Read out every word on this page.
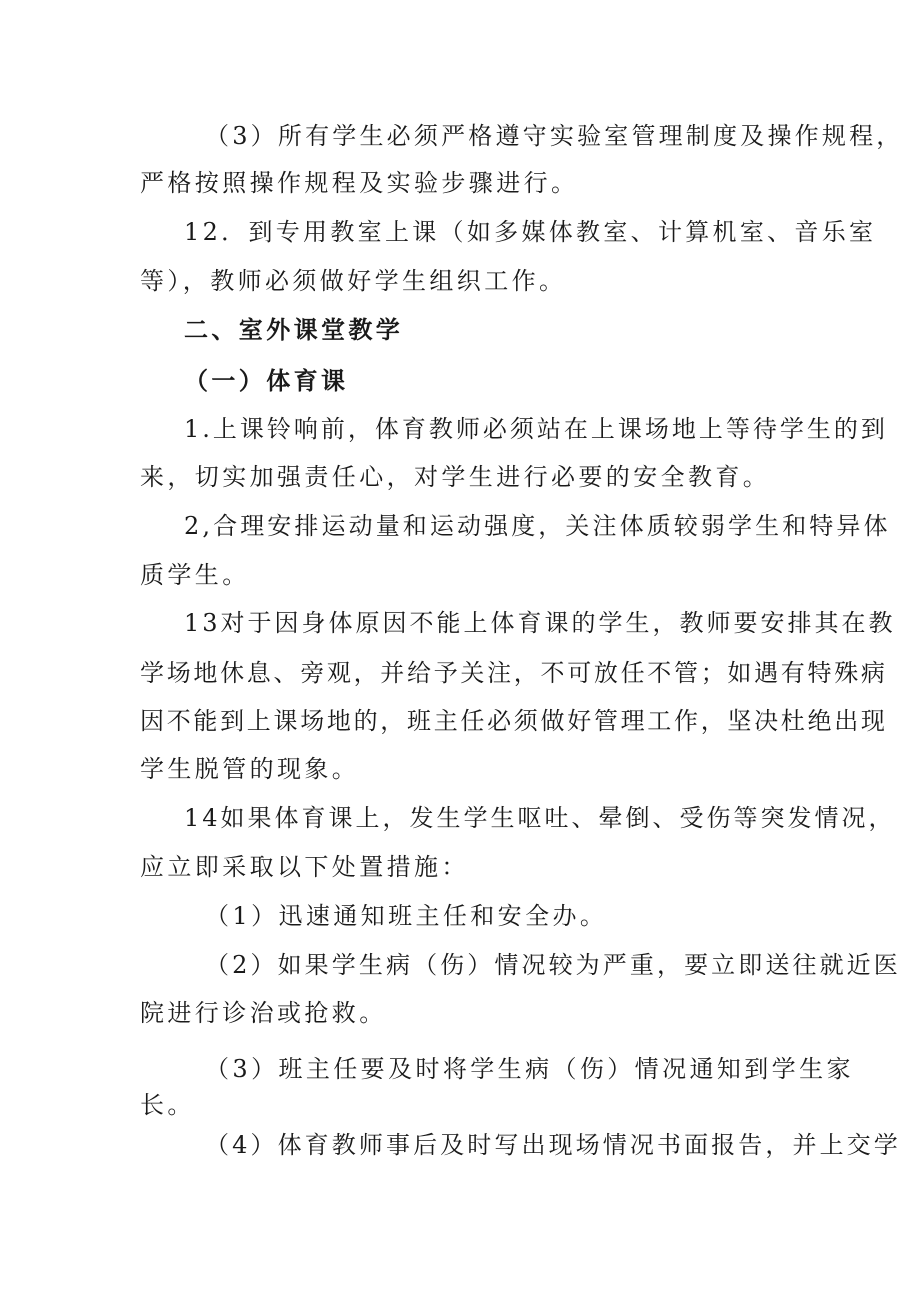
（3）所有学生必须严格遵守实验室管理制度及操作规程，
严格按照操作规程及实验步骤进行。
12．到专用教室上课（如多媒体教室、计算机室、音乐室
等），教师必须做好学生组织工作。
二、室外课堂教学
（一）体育课
1.上课铃响前，体育教师必须站在上课场地上等待学生的到
来，切实加强责任心，对学生进行必要的安全教育。
2,合理安排运动量和运动强度，关注体质较弱学生和特异体
质学生。
13对于因身体原因不能上体育课的学生，教师要安排其在教
学场地休息、旁观，并给予关注，不可放任不管；如遇有特殊病
因不能到上课场地的，班主任必须做好管理工作，坚决杜绝出现
学生脱管的现象。
14如果体育课上，发生学生呕吐、晕倒、受伤等突发情况，
应立即采取以下处置措施：
（1）迅速通知班主任和安全办。
（2）如果学生病（伤）情况较为严重，要立即送往就近医
院进行诊治或抢救。
（3）班主任要及时将学生病（伤）情况通知到学生家
长。
（4）体育教师事后及时写出现场情况书面报告，并上交学
